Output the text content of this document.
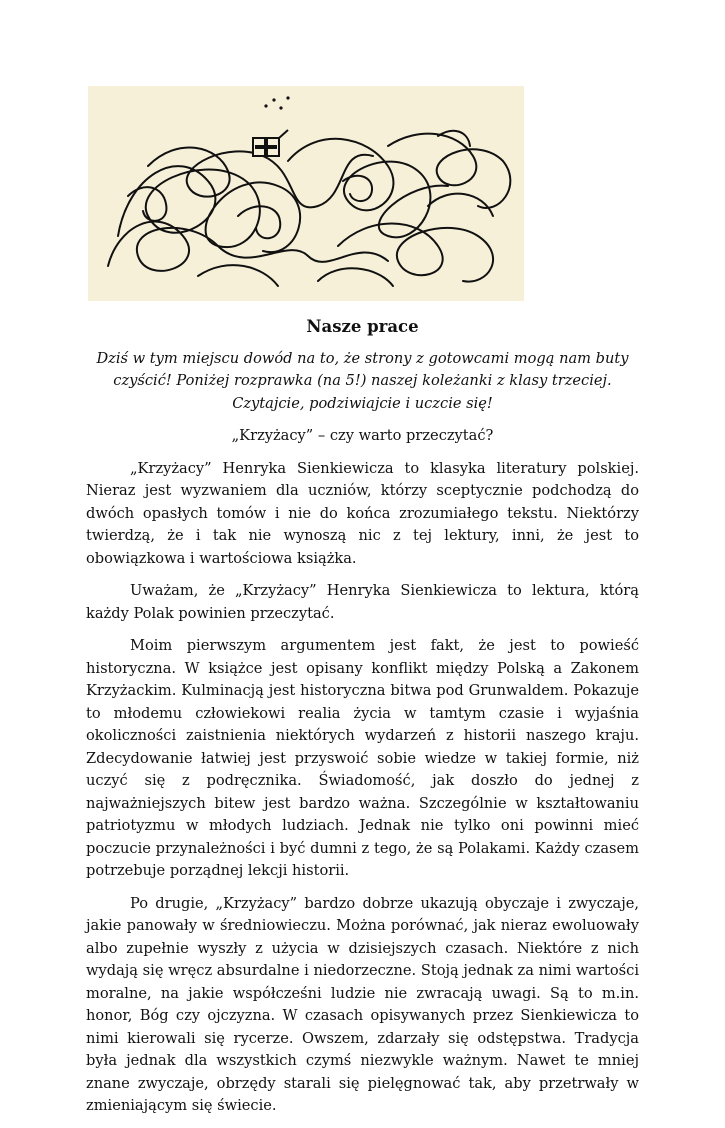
Nasze prace

Dziś w tym miejscu dowód na to, że strony z gotowcami mogą nam buty czyścić! Poniżej rozprawka (na 5!) naszej koleżanki z klasy trzeciej. Czytajcie, podziwiajcie i uczcie się!

„Krzyżacy” – czy warto przeczytać?

„Krzyżacy” Henryka Sienkiewicza to klasyka literatury polskiej. Nieraz jest wyzwaniem dla uczniów, którzy sceptycznie podchodzą do dwóch opasłych tomów i nie do końca zrozumiałego tekstu. Niektórzy twierdzą, że i tak nie wynoszą nic z tej lektury, inni, że jest to obowiązkowa i wartościowa książka.

Uważam, że „Krzyżacy” Henryka Sienkiewicza to lektura, którą każdy Polak powinien przeczytać.

Moim pierwszym argumentem jest fakt, że jest to powieść historyczna. W książce jest opisany konflikt między Polską a Zakonem Krzyżackim. Kulminacją jest historyczna bitwa pod Grunwaldem. Pokazuje to młodemu człowiekowi realia życia w tamtym czasie i wyjaśnia okoliczności zaistnienia niektórych wydarzeń z historii naszego kraju. Zdecydowanie łatwiej jest przyswoić sobie wiedze w takiej formie, niż uczyć się z podręcznika. Świadomość, jak doszło do jednej z najważniejszych bitew jest bardzo ważna. Szczególnie w kształtowaniu patriotyzmu w młodych ludziach. Jednak nie tylko oni powinni mieć poczucie przynależności i być dumni z tego, że są Polakami. Każdy czasem potrzebuje porządnej lekcji historii.

Po drugie, „Krzyżacy” bardzo dobrze ukazują obyczaje i zwyczaje, jakie panowały w średniowieczu. Można porównać, jak nieraz ewoluowały albo zupełnie wyszły z użycia w dzisiejszych czasach. Niektóre z nich wydają się wręcz absurdalne i niedorzeczne. Stoją jednak za nimi wartości moralne, na jakie współcześni ludzie nie zwracają uwagi. Są to m.in. honor, Bóg czy ojczyzna. W czasach opisywanych przez Sienkiewicza to nimi kierowali się rycerze. Owszem, zdarzały się odstępstwa. Tradycja była jednak dla wszystkich czymś niezwykle ważnym. Nawet te mniej znane zwyczaje, obrzędy starali się pielęgnować tak, aby przetrwały w zmieniającym się świecie.
